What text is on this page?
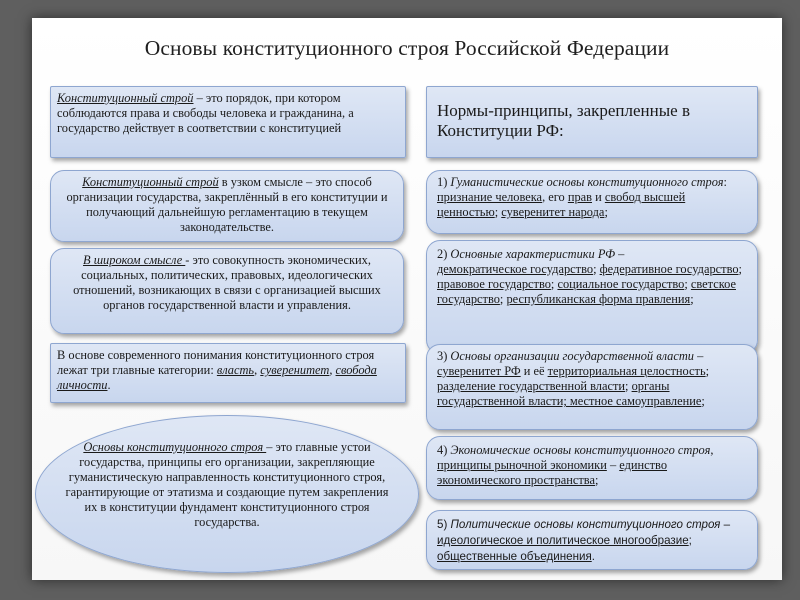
Основы конституционного строя Российской Федерации
Конституционный строй – это порядок, при котором соблюдаются права и свободы человека и гражданина, а государство действует в соответствии с конституцией
Конституционный строй в узком смысле – это способ организации государства, закреплённый в его конституции и получающий дальнейшую регламентацию в текущем законодательстве.
В широком смысле - это совокупность экономических, социальных, политических, правовых, идеологических отношений, возникающих в связи с организацией высших органов государственной власти и управления.
В основе современного понимания конституционного строя лежат три главные категории: власть, суверенитет, свобода личности.
Основы конституционного строя – это главные устои государства, принципы его организации, закрепляющие гуманистическую направленность конституционного строя, гарантирующие от этатизма и создающие путем закрепления их в конституции фундамент конституционного строя государства.
Нормы-принципы, закрепленные в Конституции РФ:
1) Гуманистические основы конституционного строя: признание человека, его прав и свобод высшей ценностью; суверенитет народа;
2) Основные характеристики РФ –
демократическое государство; федеративное государство; правовое государство; социальное государство; светское государство; республиканская форма правления;
3) Основы организации государственной власти – суверенитет РФ и её территориальная целостность; разделение государственной власти; органы государственной власти; местное самоуправление;
4) Экономические основы конституционного строя, принципы рыночной экономики – единство экономического пространства;
5) Политические основы конституционного строя – идеологическое и политическое многообразие; общественные объединения.
